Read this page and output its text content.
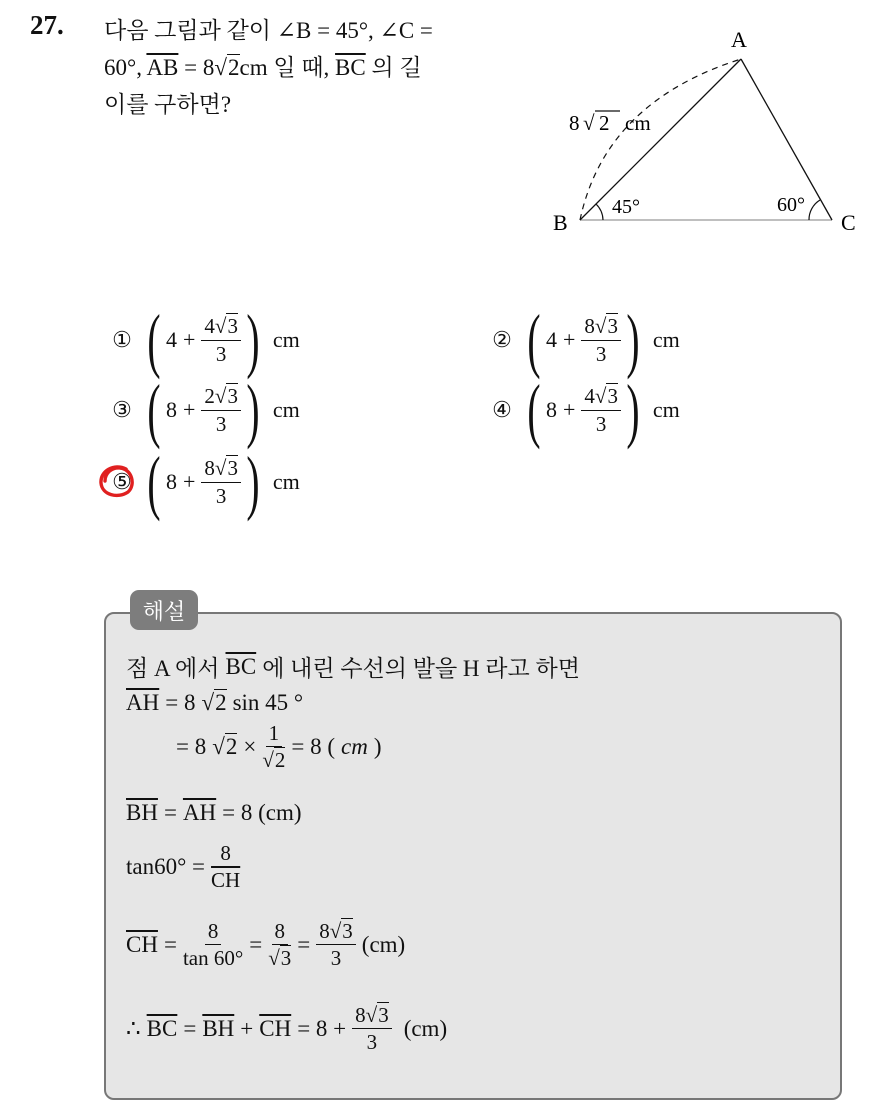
27. 다음 그림과 같이 ∠B = 45°, ∠C =
60°, $\overline{AB} = 8√2cm$ 일 때, $\overline{BC}$ 의 길
이를 구하면?
A
B	C
8 √ 2 cm
45°	60°
① ( $4 + \frac{4√3}{3}$ ) cm	② ( $4 + \frac{8√3}{3}$ ) cm
③ ( $8 + \frac{2√3}{3}$ ) cm	④ ( $8 + \frac{4√3}{3}$ ) cm
⑤ ( $8 + \frac{8√3}{3}$ ) cm
해설
점 A 에서 $\overline{BC}$ 에 내린 수선의 발을 H 라고 하면
$\overline{AH} = 8$ √2 sin 45 °
= 8 $√2 \times \frac{1}{√2} = 8$ ( cm )
$\overline{BH} = \overline{AH} = 8$ (cm)
$\tan 60^\circ = \frac{8}{CH}$
$\overline{CH} = \frac{8}{\tan 60^\circ} = \frac{8}{√3} = \frac{8√3}{3} (cm)$
∴ $\overline{BC} = \overline{BH} + \overline{CH} = 8 + \frac{8√3}{3} (cm)$
